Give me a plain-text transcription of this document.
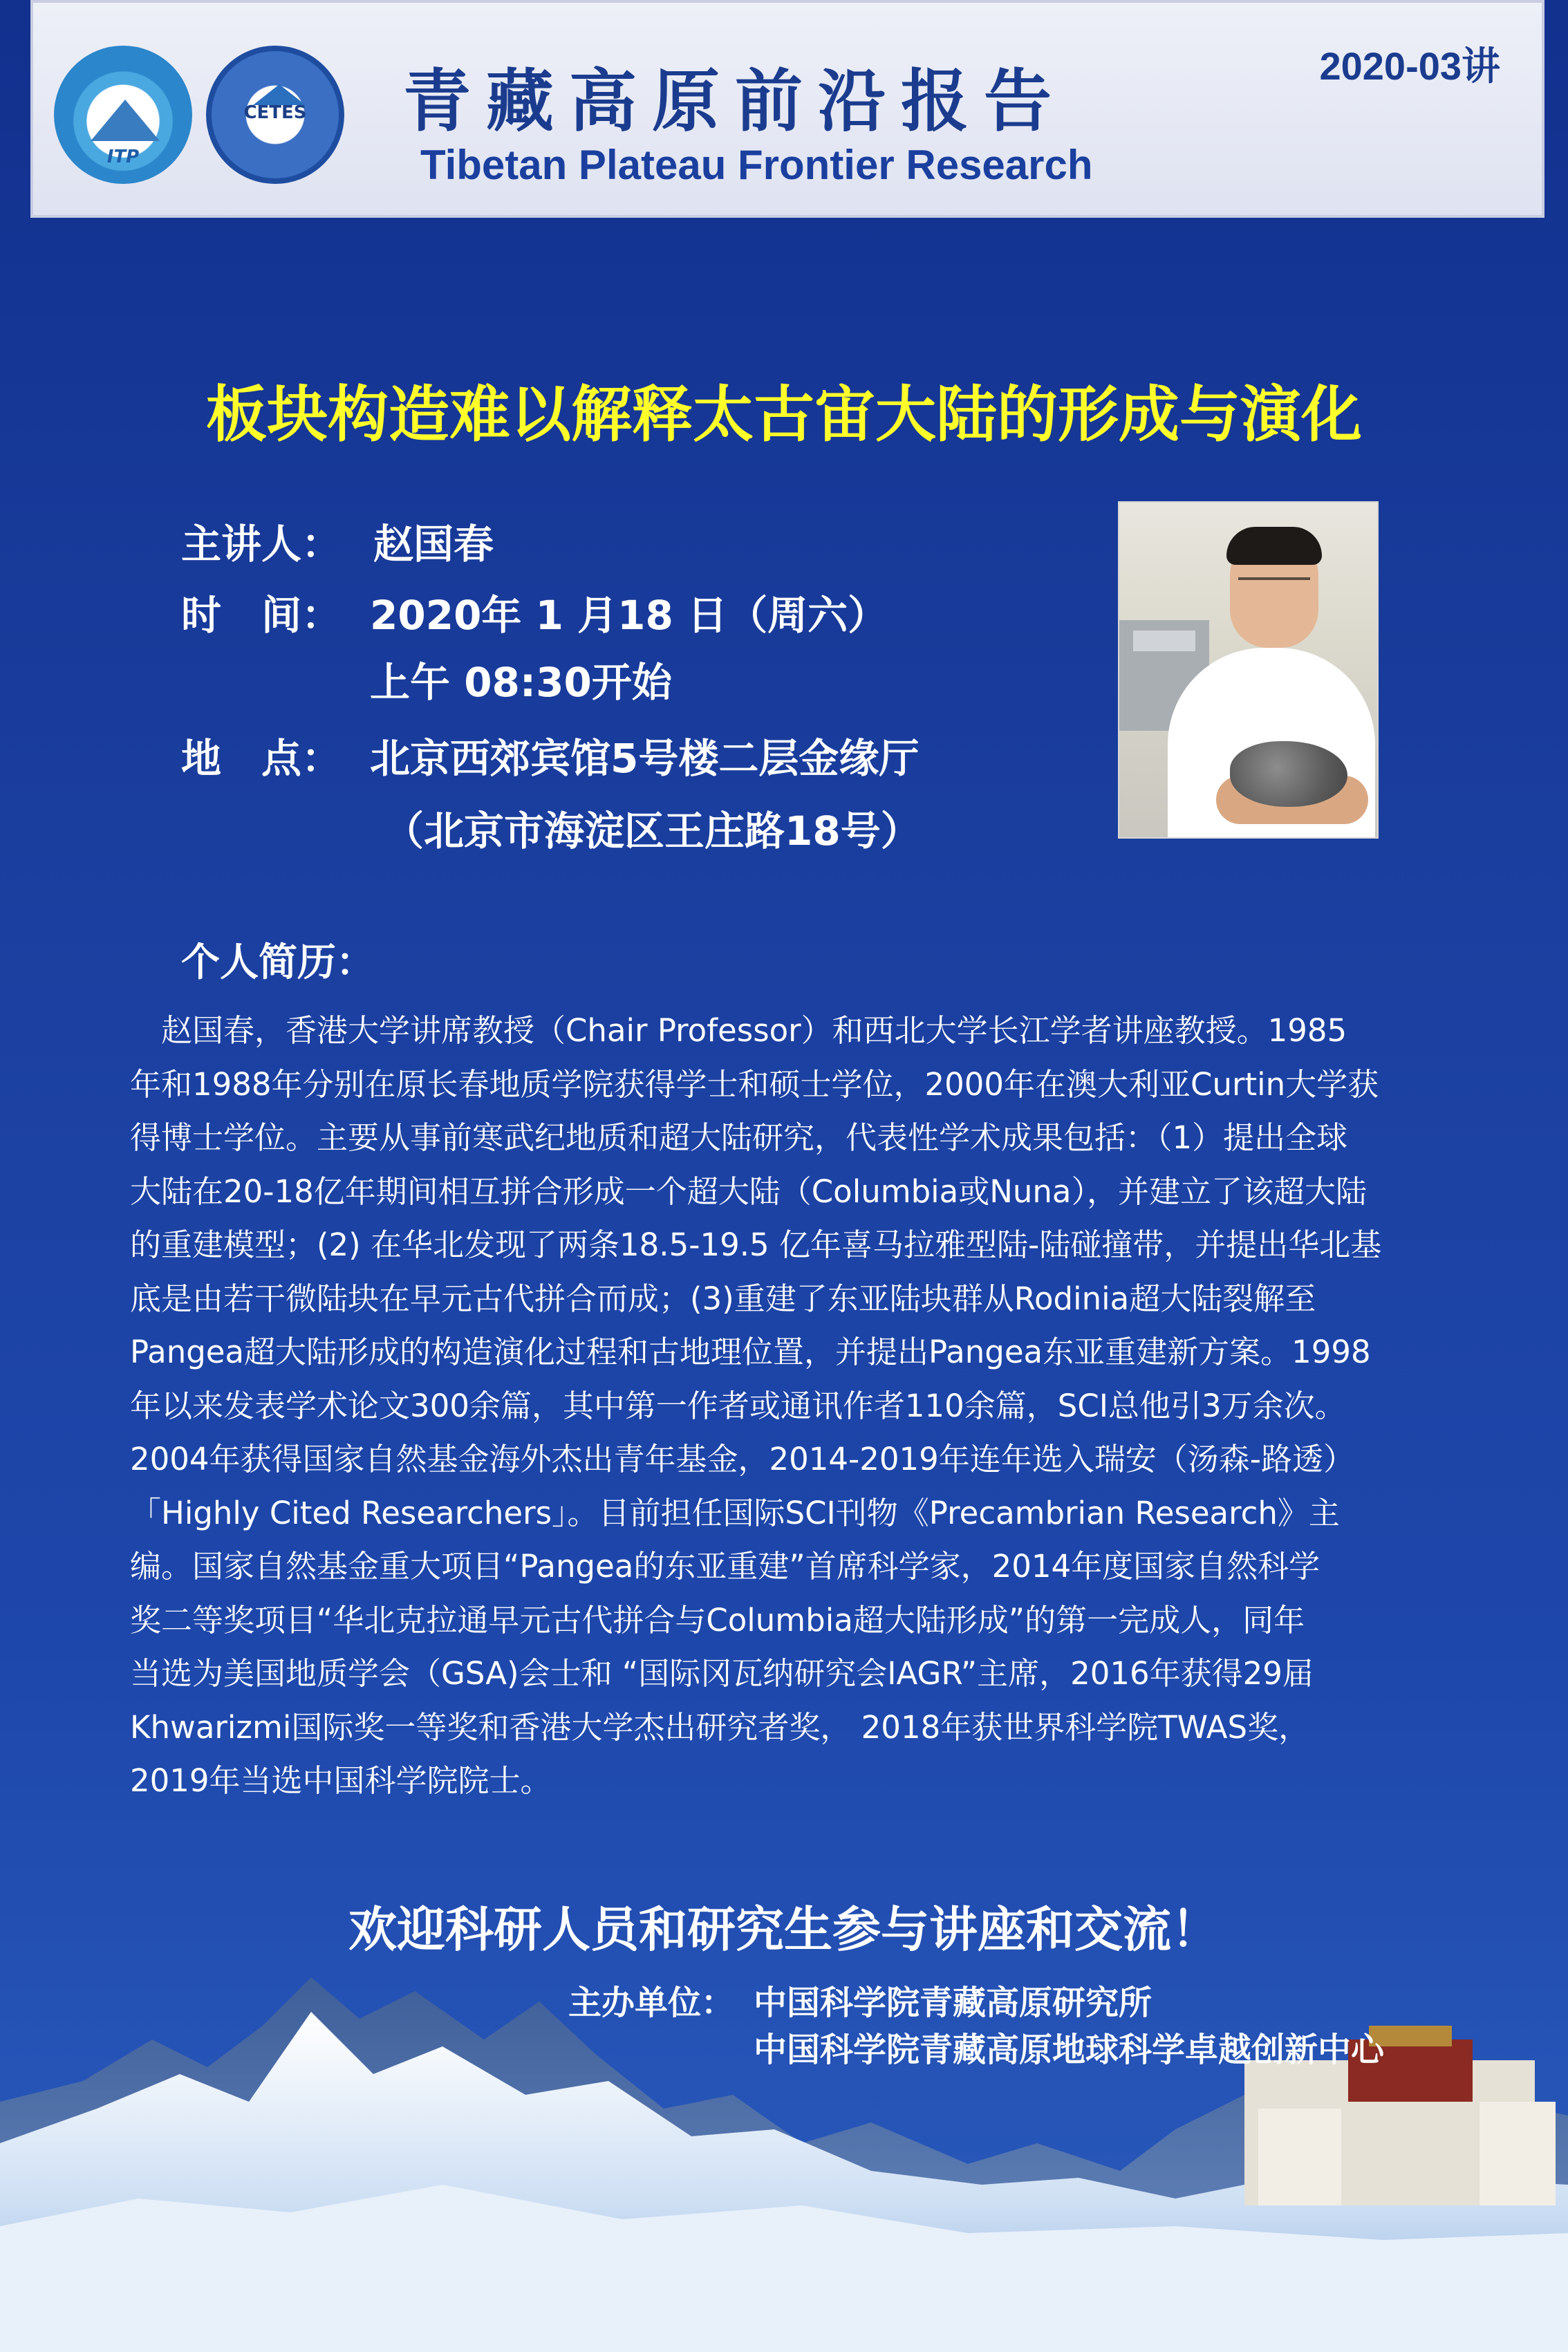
ITP
CETES	青藏高原前沿报告
Tibetan Plateau Frontier Research
2020-03讲
板块构造难以解释太古宙大陆的形成与演化
主讲人： 赵国春
时　间： 2020年 1 月18 日（周六）
上午 08:30开始
地　点： 北京西郊宾馆5号楼二层金缘厅
（北京市海淀区王庄路18号）
个人简历：
　赵国春，香港大学讲席教授（Chair Professor）和西北大学长江学者讲座教授。1985
年和1988年分别在原长春地质学院获得学士和硕士学位，2000年在澳大利亚Curtin大学获
得博士学位。主要从事前寒武纪地质和超大陆研究，代表性学术成果包括：（1）提出全球
大陆在20-18亿年期间相互拼合形成一个超大陆（Columbia或Nuna），并建立了该超大陆
的重建模型；(2) 在华北发现了两条18.5-19.5 亿年喜马拉雅型陆-陆碰撞带，并提出华北基
底是由若干微陆块在早元古代拼合而成；(3)重建了东亚陆块群从Rodinia超大陆裂解至
Pangea超大陆形成的构造演化过程和古地理位置，并提出Pangea东亚重建新方案。1998
年以来发表学术论文300余篇，其中第一作者或通讯作者110余篇，SCI总他引3万余次。
2004年获得国家自然基金海外杰出青年基金，2014-2019年连年选入瑞安（汤森-路透）
「Highly Cited Researchers」。目前担任国际SCI刊物《Precambrian Research》主
编。国家自然基金重大项目“Pangea的东亚重建”首席科学家，2014年度国家自然科学
奖二等奖项目“华北克拉通早元古代拼合与Columbia超大陆形成”的第一完成人，同年
当选为美国地质学会（GSA)会士和 “国际冈瓦纳研究会IAGR”主席，2016年获得29届
Khwarizmi国际奖一等奖和香港大学杰出研究者奖， 2018年获世界科学院TWAS奖，
2019年当选中国科学院院士。
欢迎科研人员和研究生参与讲座和交流！
主办单位： 中国科学院青藏高原研究所
中国科学院青藏高原地球科学卓越创新中心
